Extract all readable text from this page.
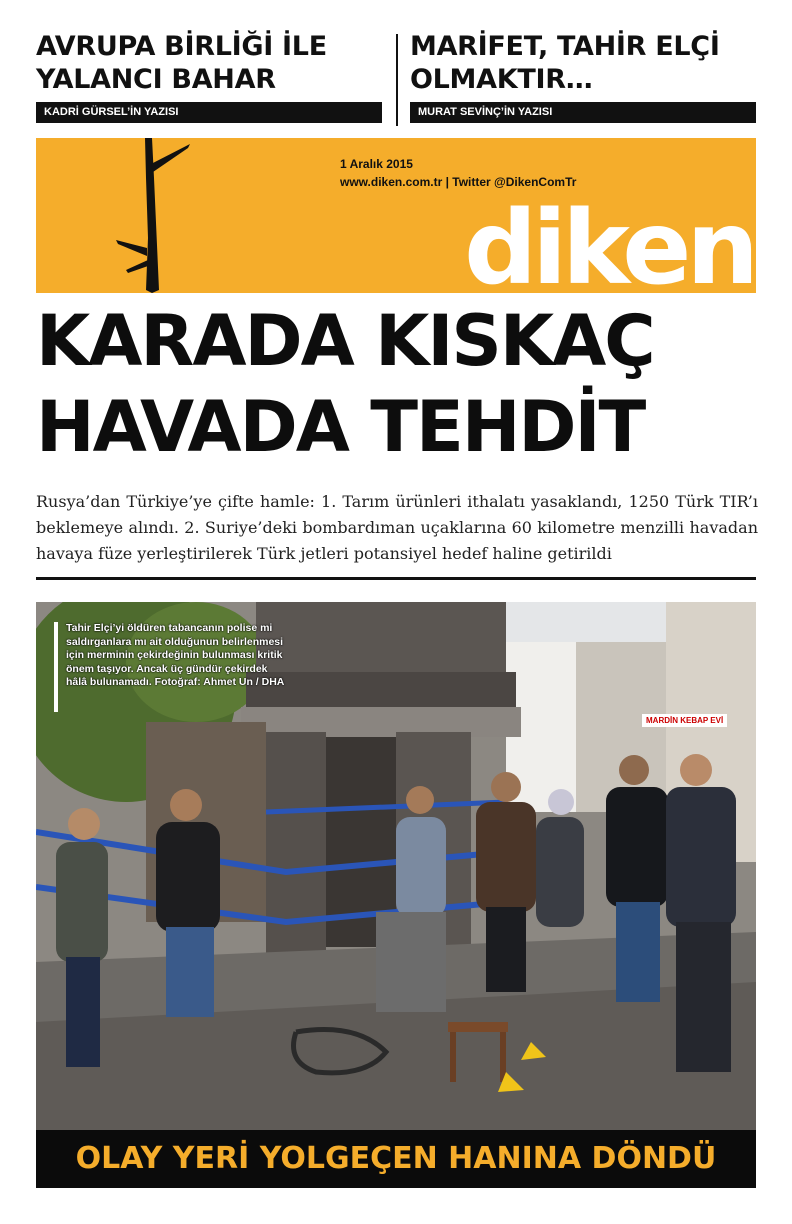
AVRUPA BİRLİĞİ İLE
YALANCI BAHAR
KADRİ GÜRSEL’İN YAZISI
MARİFET, TAHİR ELÇİ
OLMAKTIR…
MURAT SEVİNÇ’İN YAZISI
1 Aralık 2015
www.diken.com.tr | Twitter @DikenComTr
di̇ken
KARADA KISKAÇ
HAVADA TEHDİT

Rusya’dan Türkiye’ye çifte hamle: 1. Tarım ürünleri ithalatı yasaklandı, 1250 Türk TIR’ı beklemeye alındı. 2. Suriye’deki bombardıman uçaklarına 60 kilometre menzilli havadan havaya füze yerleştirilerek Türk jetleri potansiyel hedef haline getirildi

Tahir Elçi’yi öldüren tabancanın polise mi saldırganlara mı ait olduğunun belirlenmesi için merminin çekirdeğinin bulunması kritik önem taşıyor. Ancak üç gündür çekirdek hâlâ bulunamadı. Fotoğraf: Ahmet Un / DHA
MARDİN KEBAP EVİ
OLAY YERİ YOLGEÇEN HANINA DÖNDÜ
